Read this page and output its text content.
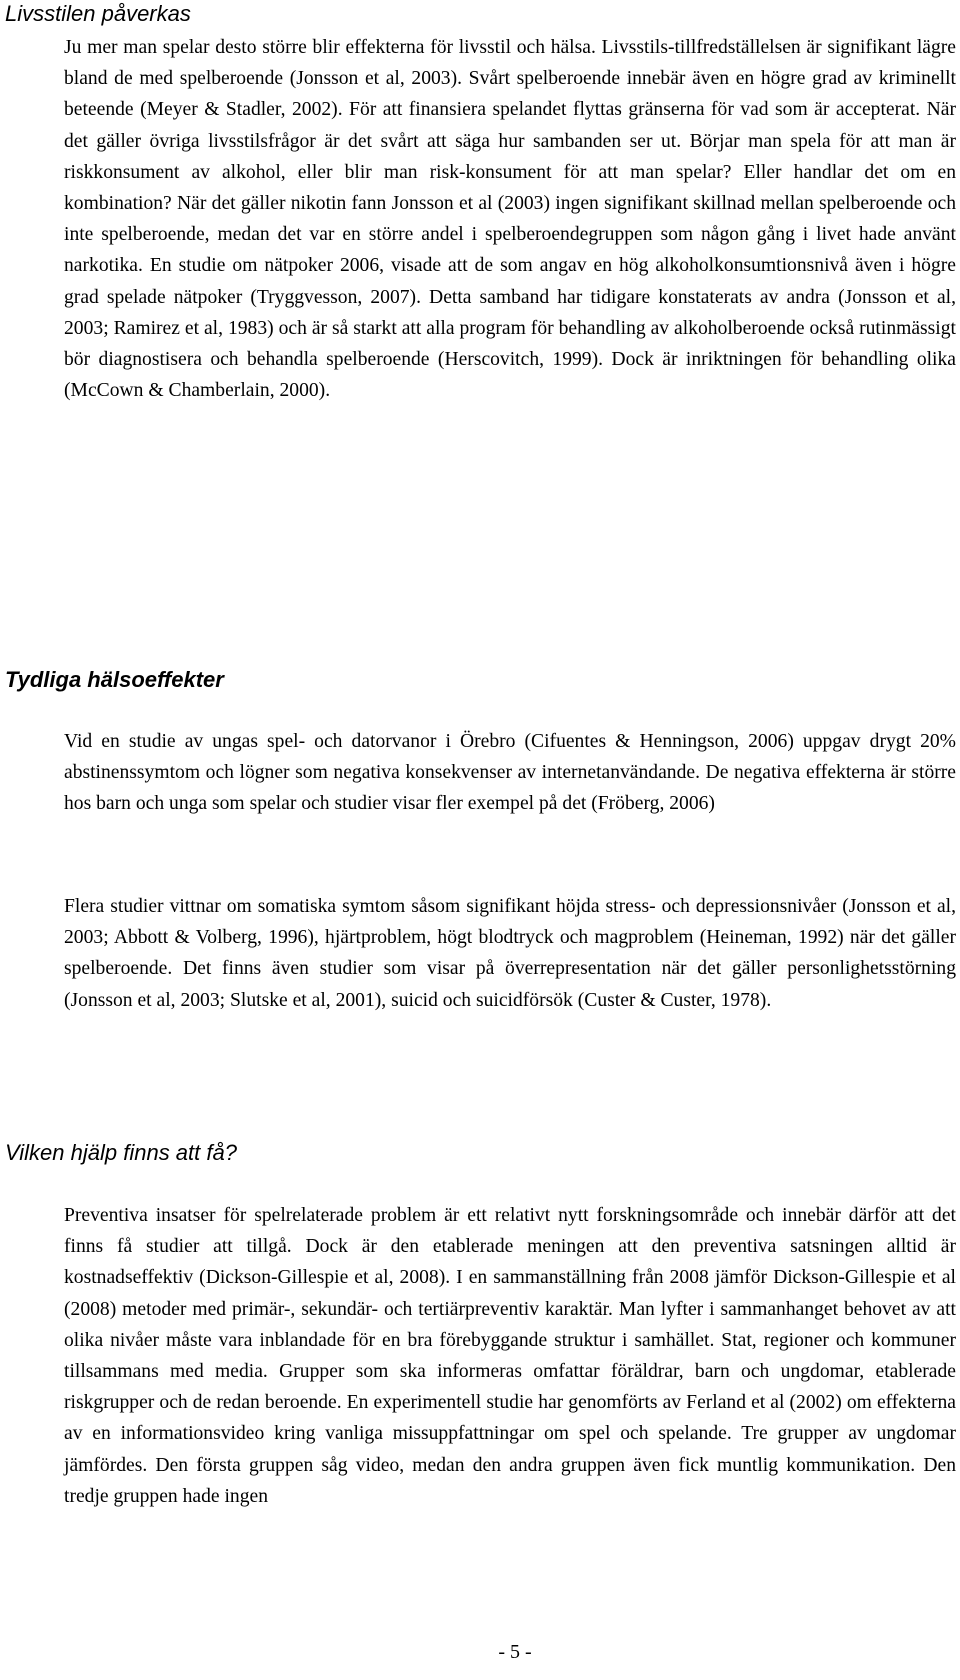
Livsstilen påverkas

Ju mer man spelar desto större blir effekterna för livsstil och hälsa. Livsstils-tillfredställelsen är signifikant lägre bland de med spelberoende (Jonsson et al, 2003). Svårt spelberoende innebär även en högre grad av kriminellt beteende (Meyer & Stadler, 2002). För att finansiera spelandet flyttas gränserna för vad som är accepterat. När det gäller övriga livsstilsfrågor är det svårt att säga hur sambanden ser ut. Börjar man spela för att man är riskkonsument av alkohol, eller blir man risk-konsument för att man spelar? Eller handlar det om en kombination? När det gäller nikotin fann Jonsson et al (2003) ingen signifikant skillnad mellan spelberoende och inte spelberoende, medan det var en större andel i spelberoendegruppen som någon gång i livet hade använt narkotika. En studie om nätpoker 2006, visade att de som angav en hög alkoholkonsumtionsnivå även i högre grad spelade nätpoker (Tryggvesson, 2007). Detta samband har tidigare konstaterats av andra (Jonsson et al, 2003; Ramirez et al, 1983) och är så starkt att alla program för behandling av alkoholberoende också rutinmässigt bör diagnostisera och behandla spelberoende (Herscovitch, 1999). Dock är inriktningen för behandling olika (McCown & Chamberlain, 2000).

Tydliga hälsoeffekter

Vid en studie av ungas spel- och datorvanor i Örebro (Cifuentes & Henningson, 2006) uppgav drygt 20% abstinenssymtom och lögner som negativa konsekvenser av internetanvändande. De negativa effekterna är större hos barn och unga som spelar och studier visar fler exempel på det (Fröberg, 2006)

Flera studier vittnar om somatiska symtom såsom signifikant höjda stress- och depressionsnivåer (Jonsson et al, 2003; Abbott & Volberg, 1996), hjärtproblem, högt blodtryck och magproblem (Heineman, 1992) när det gäller spelberoende. Det finns även studier som visar på överrepresentation när det gäller personlighetsstörning (Jonsson et al, 2003; Slutske et al, 2001), suicid och suicidförsök (Custer & Custer, 1978).

Vilken hjälp finns att få?

Preventiva insatser för spelrelaterade problem är ett relativt nytt forskningsområde och innebär därför att det finns få studier att tillgå. Dock är den etablerade meningen att den preventiva satsningen alltid är kostnadseffektiv (Dickson-Gillespie et al, 2008). I en sammanställning från 2008 jämför Dickson-Gillespie et al (2008) metoder med primär-, sekundär- och tertiärpreventiv karaktär. Man lyfter i sammanhanget behovet av att olika nivåer måste vara inblandade för en bra förebyggande struktur i samhället. Stat, regioner och kommuner tillsammans med media. Grupper som ska informeras omfattar föräldrar, barn och ungdomar, etablerade riskgrupper och de redan beroende. En experimentell studie har genomförts av Ferland et al (2002) om effekterna av en informationsvideo kring vanliga missuppfattningar om spel och spelande. Tre grupper av ungdomar jämfördes. Den första gruppen såg video, medan den andra gruppen även fick muntlig kommunikation. Den tredje gruppen hade ingen

- 5 -
